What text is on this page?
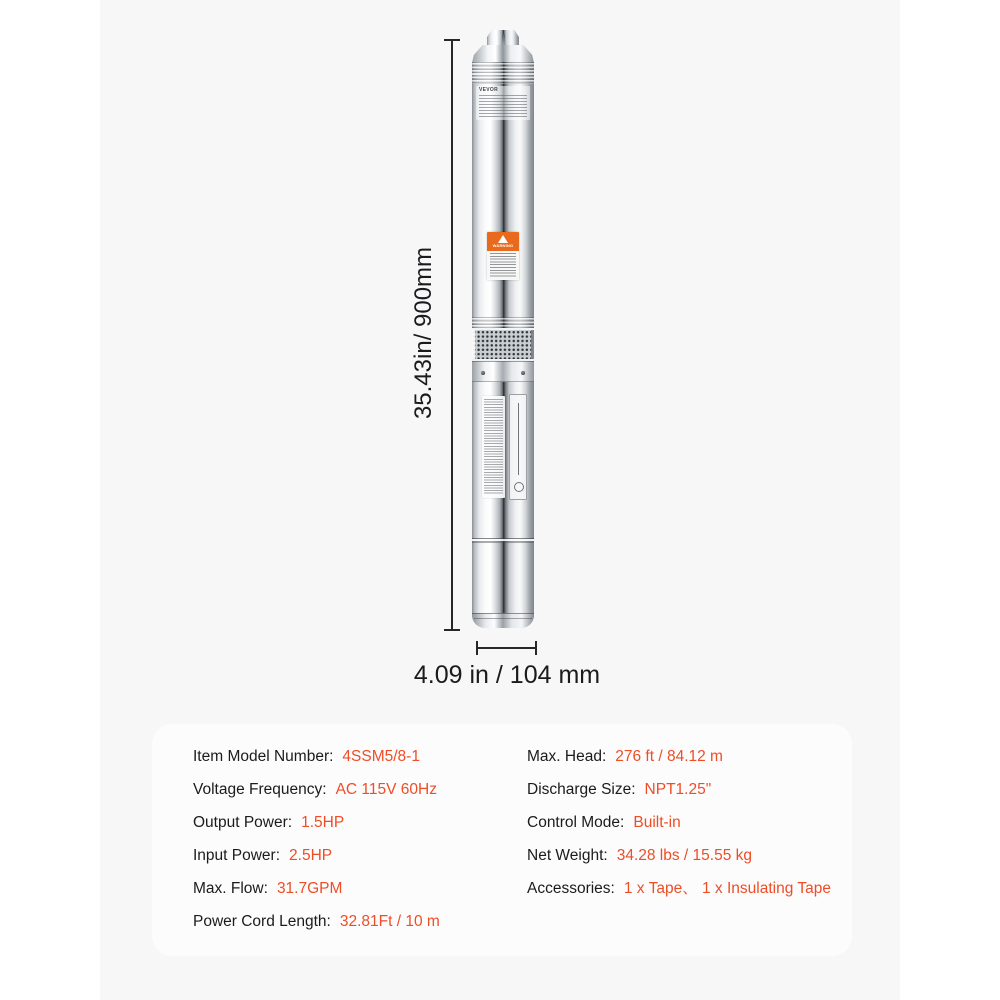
VEVOR
WARNING
35.43in/ 900mm
4.09 in / 104 mm
Item Model Number: 4SSM5/8-1
Voltage Frequency: AC 115V 60Hz
Output Power: 1.5HP
Input Power: 2.5HP
Max. Flow: 31.7GPM
Power Cord Length: 32.81Ft / 10 m
Max. Head: 276 ft / 84.12 m
Discharge Size: NPT1.25"
Control Mode: Built-in
Net Weight: 34.28 lbs / 15.55 kg
Accessories: 1 x Tape、 1 x Insulating Tape
